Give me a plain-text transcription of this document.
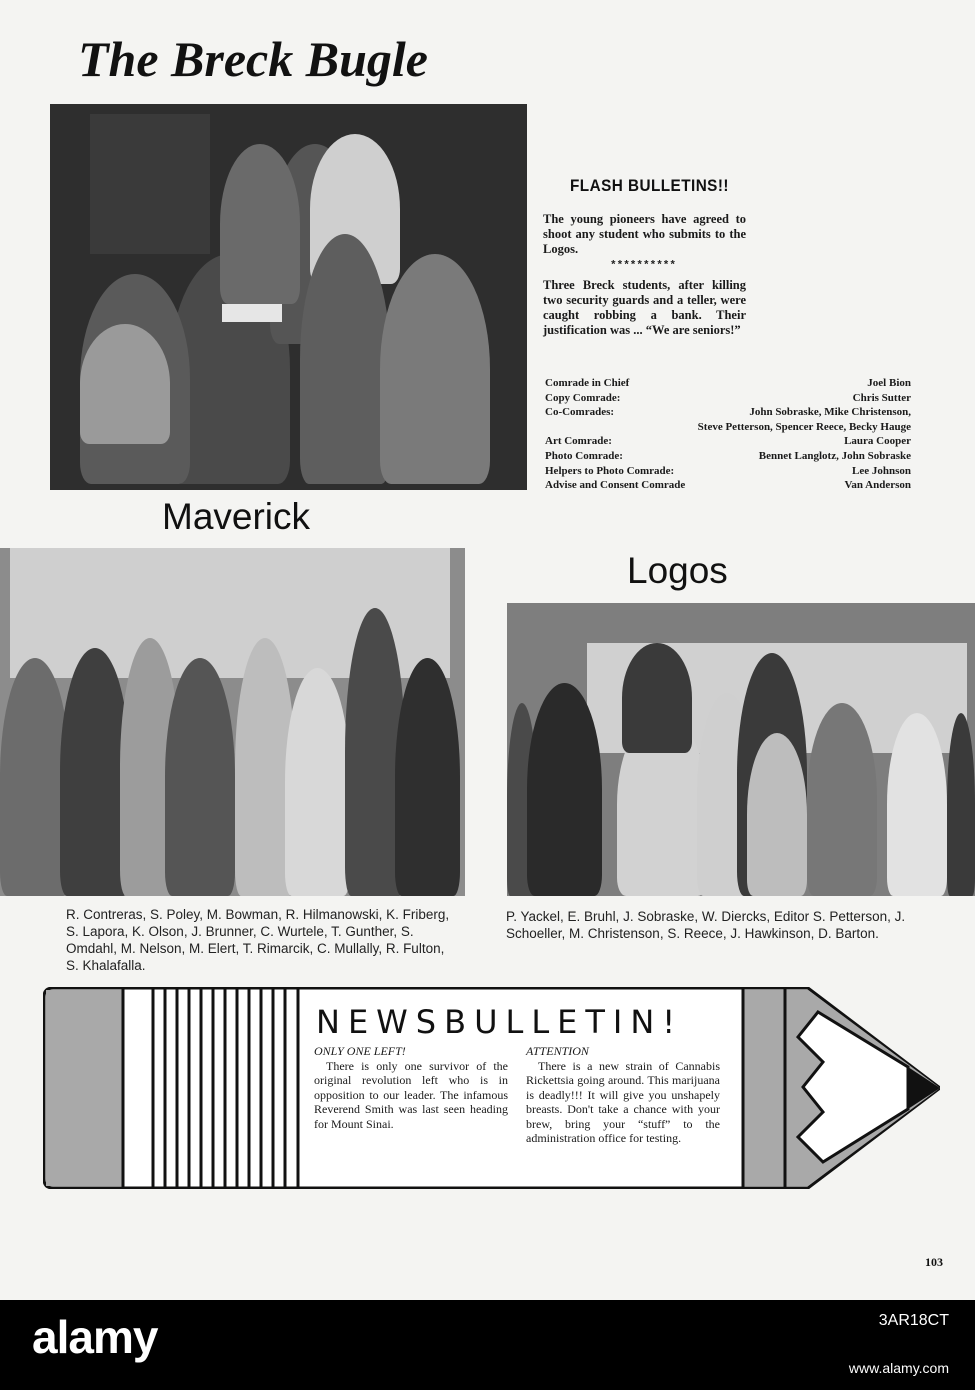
The Breck Bugle
FLASH BULLETINS!!
The young pioneers have agreed to shoot any student who submits to the Logos.
**********
Three Breck students, after killing two security guards and a teller, were caught robbing a bank. Their justification was ... “We are seniors!”
Comrade in Chief	Joel Bion
Copy Comrade:	Chris Sutter
Co-Comrades:	John Sobraske, Mike Christenson,
Steve Petterson, Spencer Reece, Becky Hauge
Art Comrade:	Laura Cooper
Photo Comrade:	Bennet Langlotz, John Sobraske
Helpers to Photo Comrade:	Lee Johnson
Advise and Consent Comrade	Van Anderson
Maverick
R. Contreras, S. Poley, M. Bowman, R. Hilmanowski, K. Friberg, S. Lapora, K. Olson, J. Brunner, C. Wurtele, T. Gunther, S. Omdahl, M. Nelson, M. Elert, T. Rimarcik, C. Mullally, R. Fulton, S. Khalafalla.
Logos
P. Yackel, E. Bruhl, J. Sobraske, W. Diercks, Editor S. Petterson, J. Schoeller, M. Christenson, S. Reece, J. Hawkinson, D. Barton.
NEWSBULLETIN!
ONLY ONE LEFT!
There is only one survivor of the original revolution left who is in opposition to our leader. The infamous Reverend Smith was last seen heading for Mount Sinai.
ATTENTION
There is a new strain of Cannabis Rickettsia going around. This marijuana is deadly!!! It will give you unshapely breasts. Don't take a chance with your brew, bring your “stuff” to the administration office for testing.
103
alamy	3AR18CT
www.alamy.com
